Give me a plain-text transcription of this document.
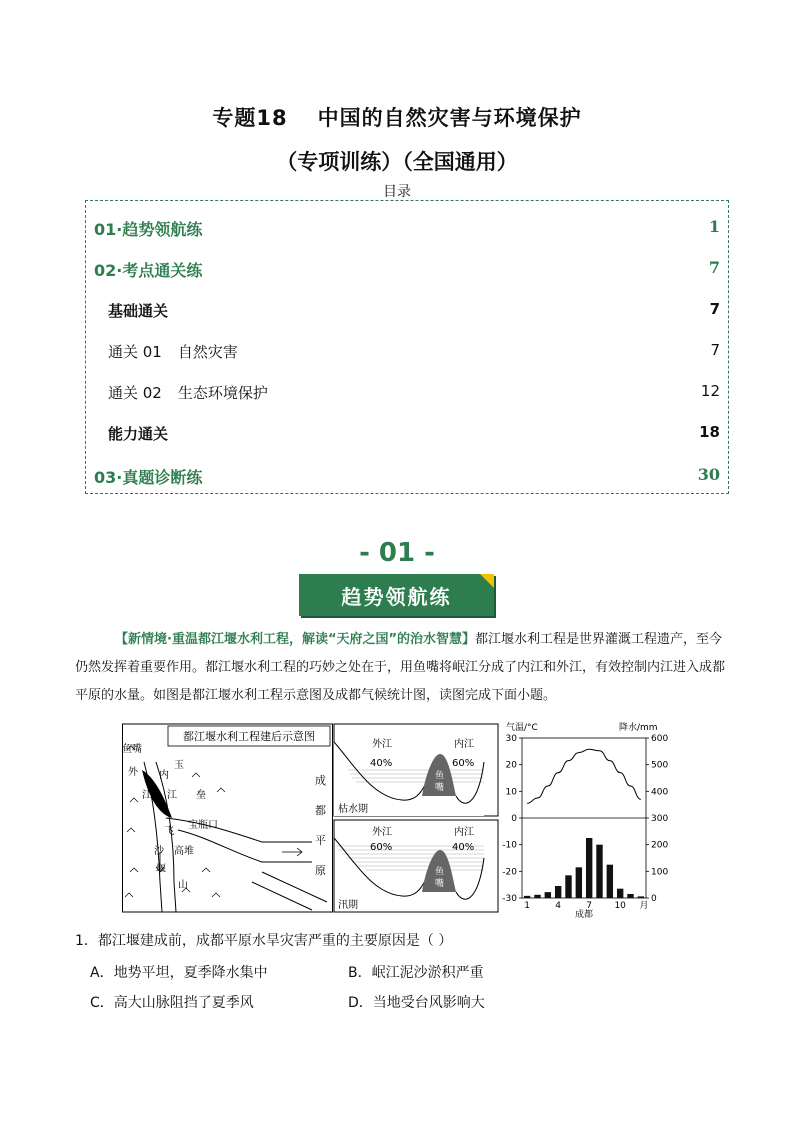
专题18 中国的自然灾害与环境保护
（专项训练）（全国通用）
目录
01·趋势领航练	1
02·考点通关练	7
基础通关	7
通关 01 自然灾害	7
通关 02 生态环境保护	12
能力通关	18
03·真题诊断练	30
- 01 -
趋势领航练
【新情境·重温都江堰水利工程，解读“天府之国”的治水智慧】都江堰水利工程是世界灌溉工程遗产，至今仍然发挥着重要作用。都江堰水利工程的巧妙之处在于，用鱼嘴将岷江分成了内江和外江，有效控制内江进入成都平原的水量。如图是都江堰水利工程示意图及成都气候统计图，读图完成下面小题。
都江堰水利工程建后示意图
鱼嘴
外
江
内
江
玉
垒
宝瓶口
飞
沙
堰
高堆
山
成
都
平
原
外江	内江
40%	60%
鱼
嘴
枯水期
外江	内江
60%	40%
鱼
嘴
汛期
气温/°C	降水/mm
30
20
10
0
-10
-20
-30
600
500
400
300
200
100
0
1	4	7 10 月
成都
1．都江堰建成前，成都平原水旱灾害严重的主要原因是（ ）
A．地势平坦，夏季降水集中	B．岷江泥沙淤积严重
C．高大山脉阻挡了夏季风	D．当地受台风影响大
